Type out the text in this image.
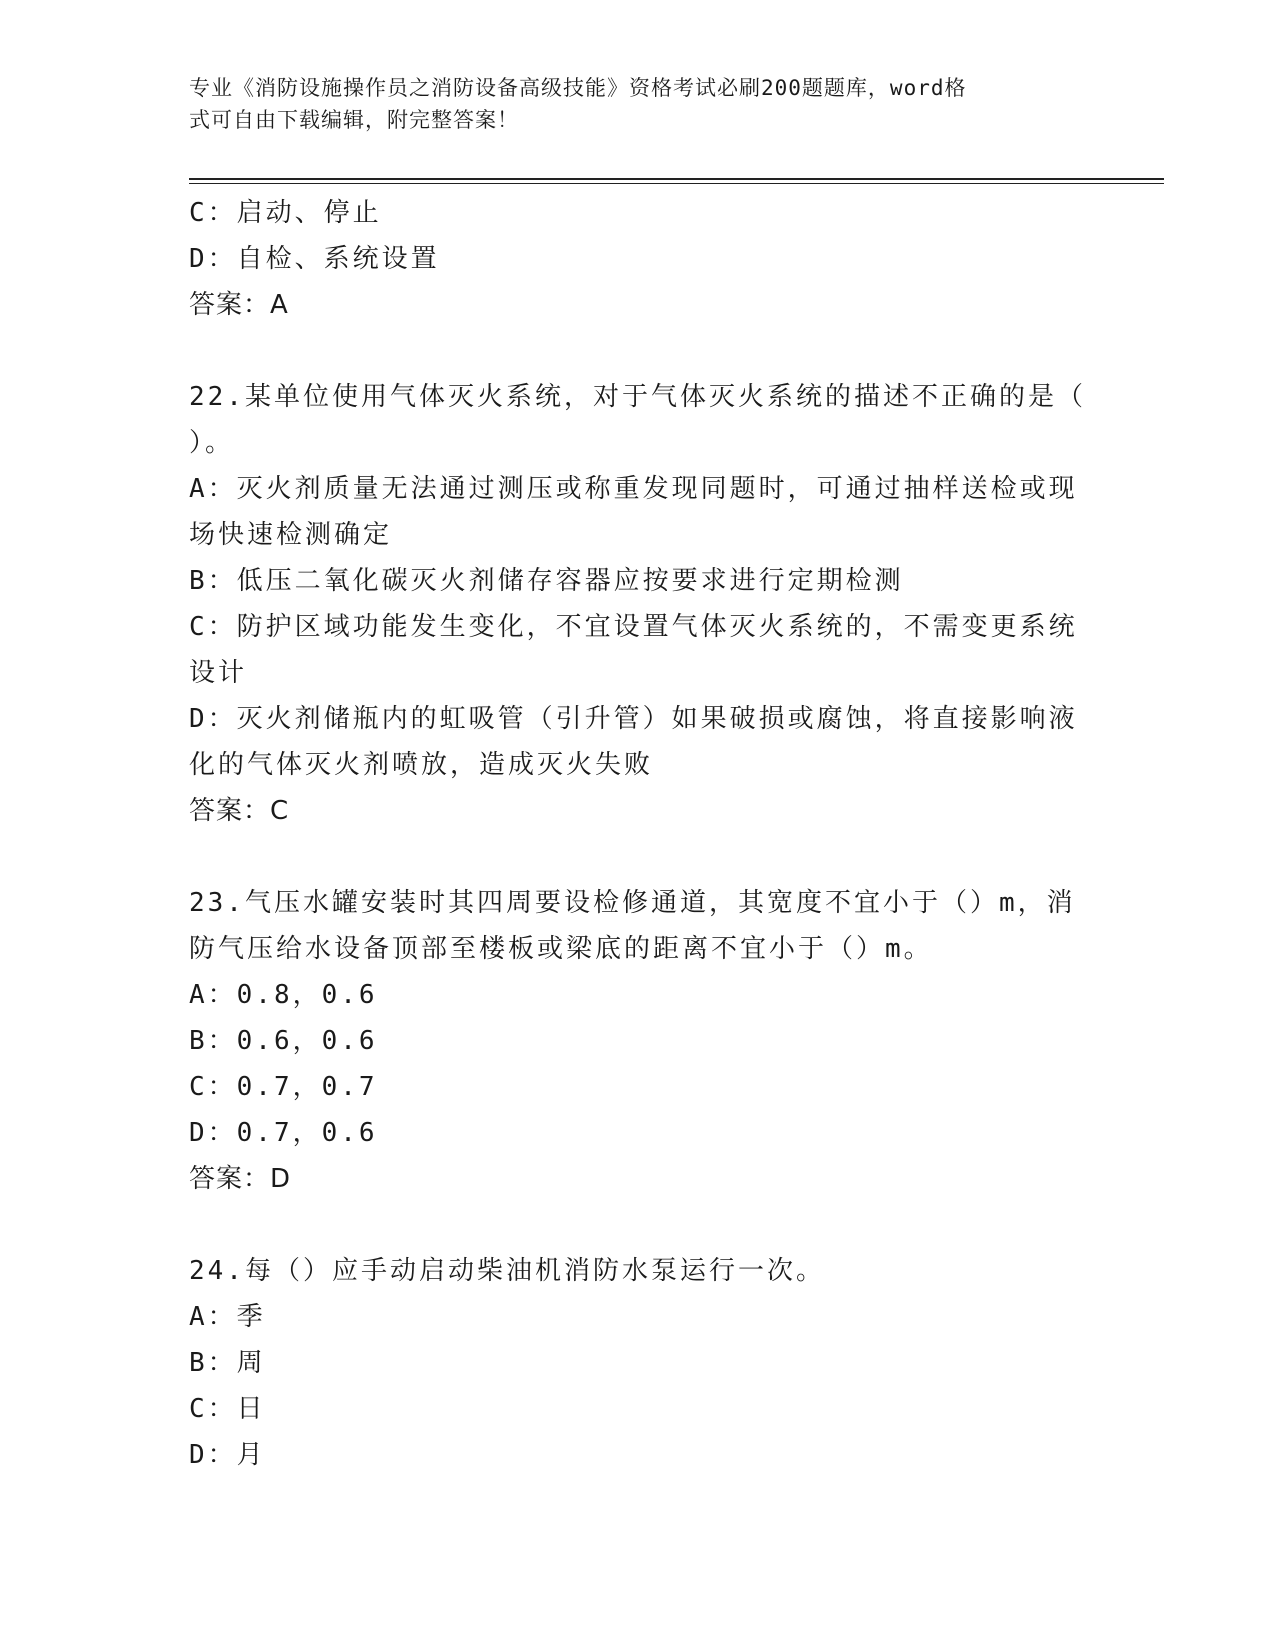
专业《消防设施操作员之消防设备高级技能》资格考试必刷200题题库，word格
式可自由下载编辑，附完整答案！
C：启动、停止
D：自检、系统设置
答案：A
22.某单位使用气体灭火系统，对于气体灭火系统的描述不正确的是（
）。
A：灭火剂质量无法通过测压或称重发现同题时，可通过抽样送检或现
场快速检测确定
B：低压二氧化碳灭火剂储存容器应按要求进行定期检测
C：防护区域功能发生变化，不宜设置气体灭火系统的，不需变更系统
设计
D：灭火剂储瓶内的虹吸管（引升管）如果破损或腐蚀，将直接影响液
化的气体灭火剂喷放，造成灭火失败
答案：C
23.气压水罐安装时其四周要设检修通道，其宽度不宜小于（）m，消
防气压给水设备顶部至楼板或梁底的距离不宜小于（）m。
A：0.8，0.6
B：0.6，0.6
C：0.7，0.7
D：0.7，0.6
答案：D
24.每（）应手动启动柴油机消防水泵运行一次。
A：季
B：周
C：日
D：月
